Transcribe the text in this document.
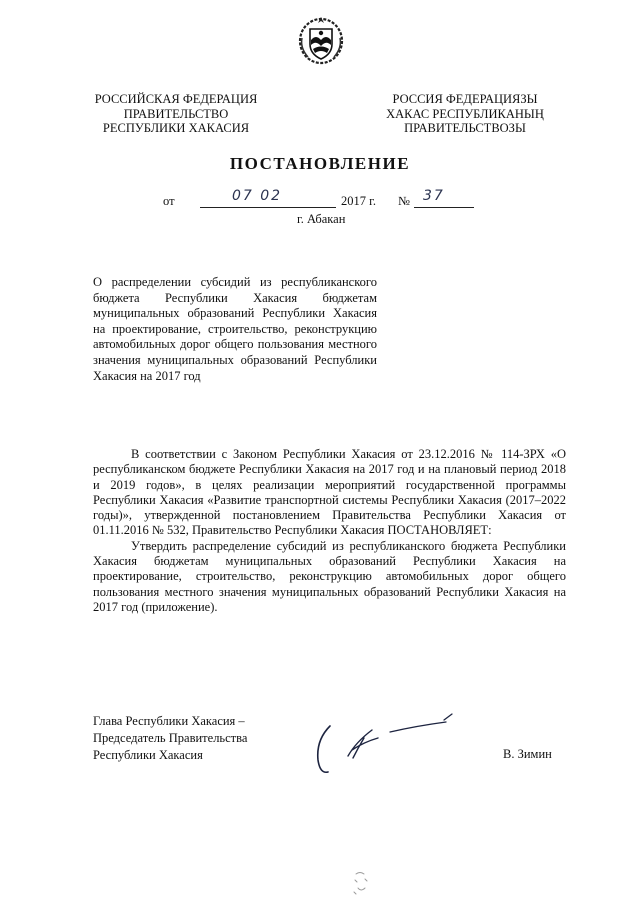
РОССИЙСКАЯ ФЕДЕРАЦИЯ
ПРАВИТЕЛЬСТВО
РЕСПУБЛИКИ ХАКАСИЯ
РОССИЯ ФЕДЕРАЦИЯЗЫ
ХАКАС РЕСПУБЛИКАНЫҢ
ПРАВИТЕЛЬСТВОЗЫ
ПОСТАНОВЛЕНИЕ
от	07 02	2017 г. № 37
г. Абакан
О распределении субсидий из республиканского бюджета Республики Хакасия бюджетам муниципальных образований Республики Хакасия на проектирование, строительство, реконструкцию автомобильных дорог общего пользования местного значения муниципальных образований Республики Хакасия на 2017 год

В соответствии с Законом Республики Хакасия от 23.12.2016 № 114-ЗРХ «О республиканском бюджете Республики Хакасия на 2017 год и на плановый период 2018 и 2019 годов», в целях реализации мероприятий государственной программы Республики Хакасия «Развитие транспортной системы Республики Хакасия (2017–2022 годы)», утвержденной постановлением Правительства Республики Хакасия от 01.11.2016 № 532, Правительство Республики Хакасия ПОСТАНОВЛЯЕТ:

Утвердить распределение субсидий из республиканского бюджета Республики Хакасия бюджетам муниципальных образований Республики Хакасия на проектирование, строительство, реконструкцию автомобильных дорог общего пользования местного значения муниципальных образований Республики Хакасия на 2017 год (приложение).

Глава Республики Хакасия –
Председатель Правительства
Республики Хакасия	В. Зимин
